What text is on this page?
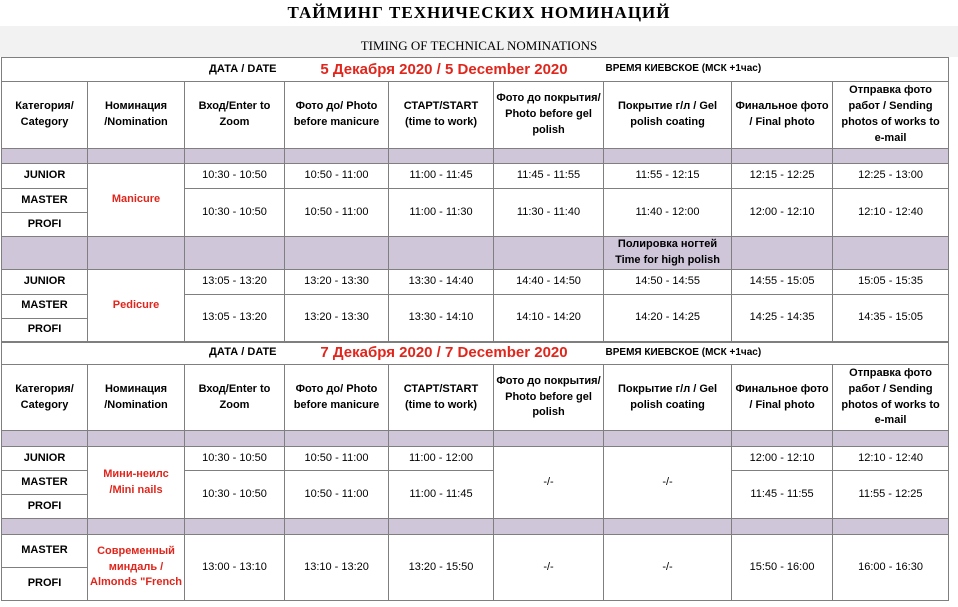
ТАЙМИНГ ТЕХНИЧЕСКИХ НОМИНАЦИЙ
TIMING OF TECHNICAL NOMINATIONS
ДАТА / DATE			5 Декабря 2020 / 5 December 2020			ВРЕМЯ КИЕВСКОЕ (МСК +1час)		
Категория/ Category	Номинация /Nomination	Вход/Enter to Zoom	Фото до/ Photo before manicure	СТАРТ/START (time to work)	Фото до покрытия/ Photo before gel polish	Покрытие г/л / Gel polish coating	Финальное фото / Final photo	Отправка фото работ / Sending photos of works to e-mail

JUNIOR	Manicure	10:30 - 10:50	10:50 - 11:00	11:00 - 11:45	11:45 - 11:55	11:55 - 12:15	12:15 - 12:25	12:25 - 13:00
MASTER		10:30 - 10:50	10:50 - 11:00	11:00 - 11:30	11:30 - 11:40	11:40 - 12:00	12:00 - 12:10	12:10 - 12:40
PROFI								
						Полировка ногтей Time for high polish		
JUNIOR	Pedicure	13:05 - 13:20	13:20 - 13:30	13:30 - 14:40	14:40 - 14:50	14:50 - 14:55	14:55 - 15:05	15:05 - 15:35
MASTER		13:05 - 13:20	13:20 - 13:30	13:30 - 14:10	14:10 - 14:20	14:20 - 14:25	14:25 - 14:35	14:35 - 15:05
PROFI								
ДАТА / DATE			7 Декабря 2020 / 7 December 2020			ВРЕМЯ КИЕВСКОЕ (МСК +1час)		
Категория/ Category	Номинация /Nomination	Вход/Enter to Zoom	Фото до/ Photo before manicure	СТАРТ/START (time to work)	Фото до покрытия/ Photo before gel polish	Покрытие г/л / Gel polish coating	Финальное фото / Final photo	Отправка фото работ / Sending photos of works to e-mail

JUNIOR	Мини-неилс /Mini nails	10:30 - 10:50	10:50 - 11:00	11:00 - 12:00	-/-	-/-	12:00 - 12:10	12:10 - 12:40
MASTER		10:30 - 10:50	10:50 - 11:00	11:00 - 11:45			11:45 - 11:55	11:55 - 12:25
PROFI								

MASTER	Современный миндаль / Almonds "French	13:00 - 13:10	13:10 - 13:20	13:20 - 15:50	-/-	-/-	15:50 - 16:00	16:00 - 16:30
PROFI								
